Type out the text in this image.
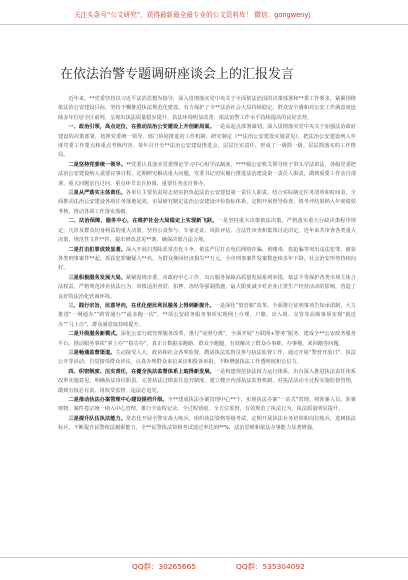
关注头条号“公文研究”，获得最新最全最专业的公文资料库！ 微信：gongwenyj
在依法治警专题调研座谈会上的汇报发言

近年来，**党委坚持以习近平法治思想为指导，深入贯彻落实党中央关于全面依法治国的决策部署和**委工作要求，紧紧围绕依法治公安建设目标，坚持不懈推进执法规范化建设，有力保护了全**法治社会大局持续稳定。群众安全感和对公安工作满意度连续多年位居全区前列，呈现出执法质量稳步提升、执法环境明显改善、依法治警工作水平持续提高的良好态势。

一、政治引领，高点定位，在推动法治公安建设上开创新局面。一是高起点部署谋划。深入贯彻落实党中央关于加强法治政府建设的决策部署，按照党委统一领导、部门协同推进的工作机制，研究制定《**法治公安建设实施意见》，把法治公安建设列入年度党委工作要点和重点考核内容，每年召开全**法治公安建设推进会，层层压实责任，形成了一级抓一级、层层抓落实的工作格局。

二是坚持党委统一领导。**党委认真落实党委理论学习中心组学法制度，****级公安机关领导班子带头学法讲法，各级党委把法治公安建设纳入重要议事日程，定期研究解决重大问题，党委书记切实履行推进法治建设第一责任人职责，做到重要工作亲自部署、重大问题亲自过问、重点环节亲自协调、重要任务亲自督办。

三是从严落实主体责任。各单位主要负责同志切实担负起法治公安建设第一责任人职责，结合实际制定任务清单和时间表，全面推动法治公安建设各项任务落地见效。市局研究制定法治公安建设评价指标体系，定期开展督导检查，将考评结果纳入年度绩效考核，推动各项工作落实落细。

二、法治保障，服务中心，在维护社会大局稳定上实现新飞跃。一是坚持重大决策依法决策。严格落实重大行政决策程序规定，凡涉及群众切身利益的重大决策，坚持公众参与、专家论证、风险评估、合法性审查和集体讨论决定，近年来共审查各类重大决策、规范性文件**件，提出修改意见**条，确保决策合法合规。

二是打击犯罪成效显著。深入开展扫黑除恶常态化斗争，依法严厉打击电信网络诈骗、黄赌毒、盗抢骗等突出违法犯罪，破获各类刑事案件**起，抓获犯罪嫌疑人**名，为群众挽回经济损失**万元，全市刑事案件发案数连续多年下降，社会治安形势持续向好。

三是积极服务发展大局。紧紧围绕市委、市政府中心工作，出台服务保障高质量发展系列举措，依法平等保护各类市场主体合法权益，严格规范涉企执法行为，审慎适用查封、扣押、冻结等强制措施，最大限度减少对企业正常生产经营活动的影响，营造了良好的法治化营商环境。

三、践行宗旨，民意导向，在优化便民利民服务上得到新提升。一是深化“放管服”改革。全面推行证明事项告知承诺制，大力推进“一网通办”“跨省通办”“最多跑一次”，**项公安政务服务事项实现网上办理，户籍、出入境、交管等高频事项实现“就近办”“马上办”，群众满意度持续提升。

二是升级服务新模式。深化公安行政管理服务改革，推行“证照分离”，全面开展“互联网+警务”服务，建成全**公安政务服务平台，推动服务事项“掌上办”“指尖办”，真正让数据多跑路、群众少跑腿，有效解决了群众办事难、办事慢、来回跑等问题。

三是畅通监督渠道。主动接受人大、政协和社会各界监督，聘请执法监督员参与执法监督工作，通过开展“警营开放日”、执法公开等活动，自觉接受群众评议，认真办理群众来信来访和投诉举报，不断增强执法工作透明度和公信力。

四、织密制度、压实责任，在健全执法监督体系上取得新发展。一是构建规范执法权力运行体系。出台深入推进执法责任体系改革实施意见，明确执法岗位职责，完善执法过错责任追究制度，建立健全内部执法监督机制，对执法活动全过程实施监督管理，做到有权必有责、用权受监督、违法必追究。

二是推动执法办案管理中心建设提档升级。全**建成执法办案管理中心**个，实现执法办案“一站式”管理，将涉案人员、涉案财物、案件卷宗统一纳入中心管理，推行全流程记录、全过程留痕、全方位监督，有效规范了执法行为，执法质量明显提升。

三是提升队伍执法能力。常态化开展全警实战大练兵，组织执法资格等级考试，定期开展执法业务培训和岗位练兵，选树执法标兵，不断提升民警依法履职能力，全**民警执法资格考试通过率达到**%，法治思维和依法办事能力显著增强。

QQ群：30265665	QQ群：535304092
